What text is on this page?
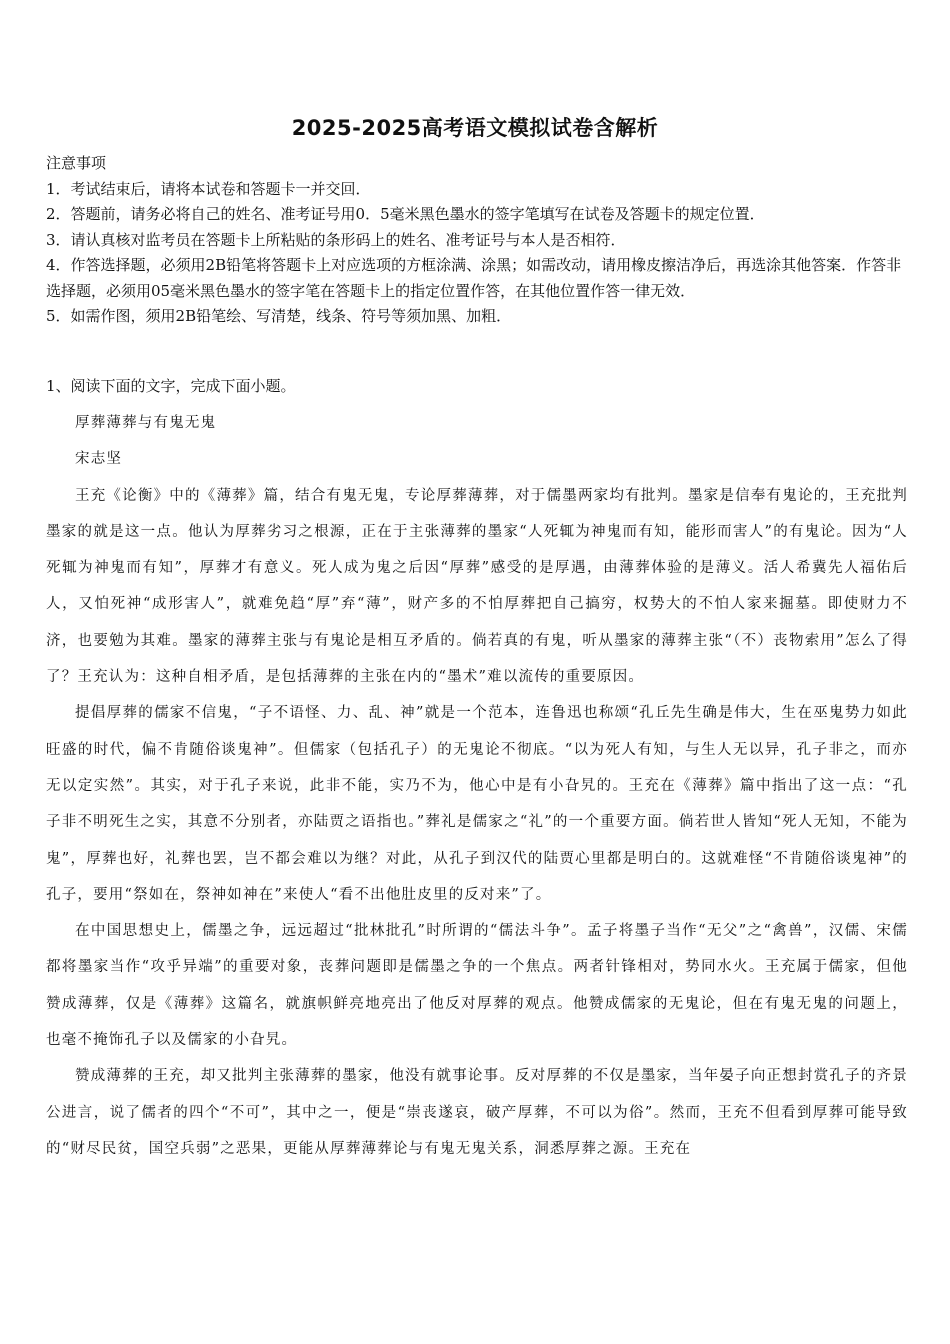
2025-2025高考语文模拟试卷含解析
注意事项
1．考试结束后，请将本试卷和答题卡一并交回．
2．答题前，请务必将自己的姓名、准考证号用0．5毫米黑色墨水的签字笔填写在试卷及答题卡的规定位置．
3．请认真核对监考员在答题卡上所粘贴的条形码上的姓名、准考证号与本人是否相符．
4．作答选择题，必须用2B铅笔将答题卡上对应选项的方框涂满、涂黑；如需改动，请用橡皮擦洁净后，再选涂其他答案．作答非选择题，必须用05毫米黑色墨水的签字笔在答题卡上的指定位置作答，在其他位置作答一律无效．
5．如需作图，须用2B铅笔绘、写清楚，线条、符号等须加黑、加粗．
1、阅读下面的文字，完成下面小题。
厚葬薄葬与有鬼无鬼
宋志坚

王充《论衡》中的《薄葬》篇，结合有鬼无鬼，专论厚葬薄葬，对于儒墨两家均有批判。墨家是信奉有鬼论的，王充批判墨家的就是这一点。他认为厚葬劣习之根源，正在于主张薄葬的墨家“人死辄为神鬼而有知，能形而害人”的有鬼论。因为“人死辄为神鬼而有知”，厚葬才有意义。死人成为鬼之后因“厚葬”感受的是厚遇，由薄葬体验的是薄义。活人希冀先人福佑后人，又怕死神“成形害人”，就难免趋“厚”弃“薄”，财产多的不怕厚葬把自己搞穷，权势大的不怕人家来掘墓。即使财力不济，也要勉为其难。墨家的薄葬主张与有鬼论是相互矛盾的。倘若真的有鬼，听从墨家的薄葬主张“（不）丧物索用”怎么了得了？王充认为：这种自相矛盾，是包括薄葬的主张在内的“墨术”难以流传的重要原因。

提倡厚葬的儒家不信鬼，“子不语怪、力、乱、神”就是一个范本，连鲁迅也称颂“孔丘先生确是伟大，生在巫鬼势力如此旺盛的时代，偏不肯随俗谈鬼神”。但儒家（包括孔子）的无鬼论不彻底。“以为死人有知，与生人无以异，孔子非之，而亦无以定实然”。其实，对于孔子来说，此非不能，实乃不为，他心中是有小旮旯的。王充在《薄葬》篇中指出了这一点：“孔子非不明死生之实，其意不分别者，亦陆贾之语指也。”葬礼是儒家之“礼”的一个重要方面。倘若世人皆知“死人无知，不能为鬼”，厚葬也好，礼葬也罢，岂不都会难以为继？对此，从孔子到汉代的陆贾心里都是明白的。这就难怪“不肯随俗谈鬼神”的孔子，要用“祭如在，祭神如神在”来使人“看不出他肚皮里的反对来”了。

在中国思想史上，儒墨之争，远远超过“批林批孔”时所谓的“儒法斗争”。孟子将墨子当作“无父”之“禽兽”，汉儒、宋儒都将墨家当作“攻乎异端”的重要对象，丧葬问题即是儒墨之争的一个焦点。两者针锋相对，势同水火。王充属于儒家，但他赞成薄葬，仅是《薄葬》这篇名，就旗帜鲜亮地亮出了他反对厚葬的观点。他赞成儒家的无鬼论，但在有鬼无鬼的问题上，也毫不掩饰孔子以及儒家的小旮旯。

赞成薄葬的王充，却又批判主张薄葬的墨家，他没有就事论事。反对厚葬的不仅是墨家，当年晏子向正想封赏孔子的齐景公进言，说了儒者的四个“不可”，其中之一，便是“崇丧遂哀，破产厚葬，不可以为俗”。然而，王充不但看到厚葬可能导致的“财尽民贫，国空兵弱”之恶果，更能从厚葬薄葬论与有鬼无鬼关系，洞悉厚葬之源。王充在
